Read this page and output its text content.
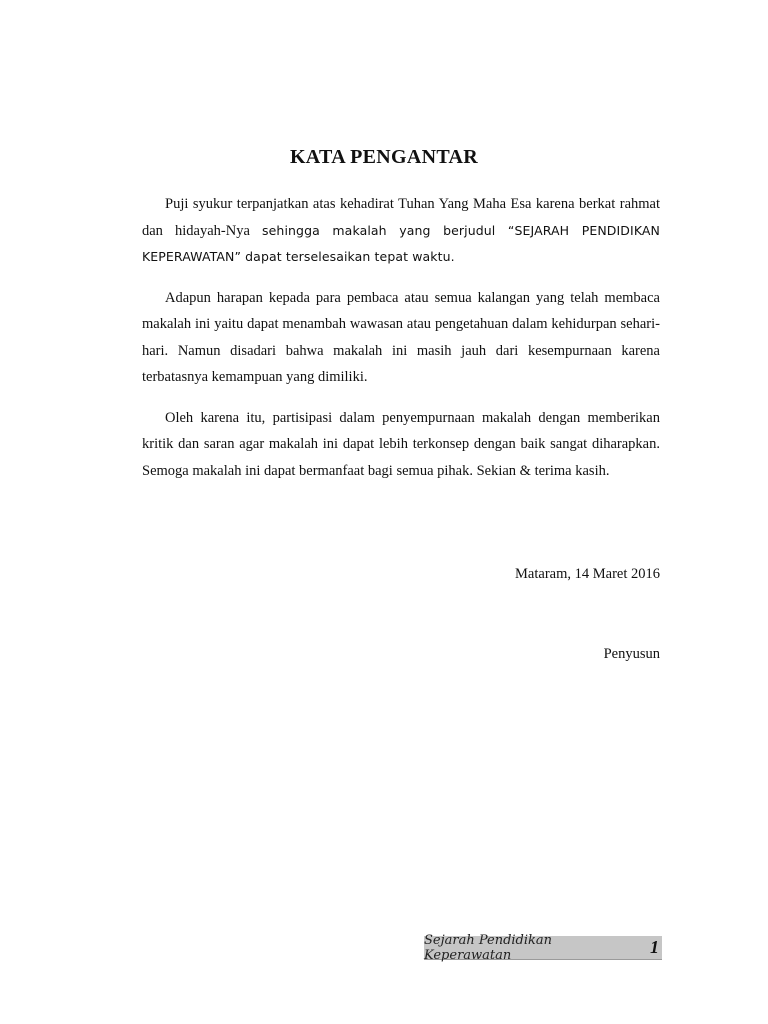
KATA PENGANTAR

Puji syukur terpanjatkan atas kehadirat Tuhan Yang Maha Esa karena berkat rahmat dan hidayah-Nya sehingga makalah yang berjudul “SEJARAH PENDIDIKAN KEPERAWATAN” dapat terselesaikan tepat waktu.

Adapun harapan kepada para pembaca atau semua kalangan yang telah membaca makalah ini yaitu dapat menambah wawasan atau pengetahuan dalam kehidurpan sehari-hari. Namun disadari bahwa makalah ini masih jauh dari kesempurnaan karena terbatasnya kemampuan yang dimiliki.

Oleh karena itu, partisipasi dalam penyempurnaan makalah dengan memberikan kritik dan saran agar makalah ini dapat lebih terkonsep dengan baik sangat diharapkan. Semoga makalah ini dapat bermanfaat bagi semua pihak. Sekian & terima kasih.

Mataram, 14 Maret 2016
Penyusun
Sejarah Pendidikan Keperawatan	1
